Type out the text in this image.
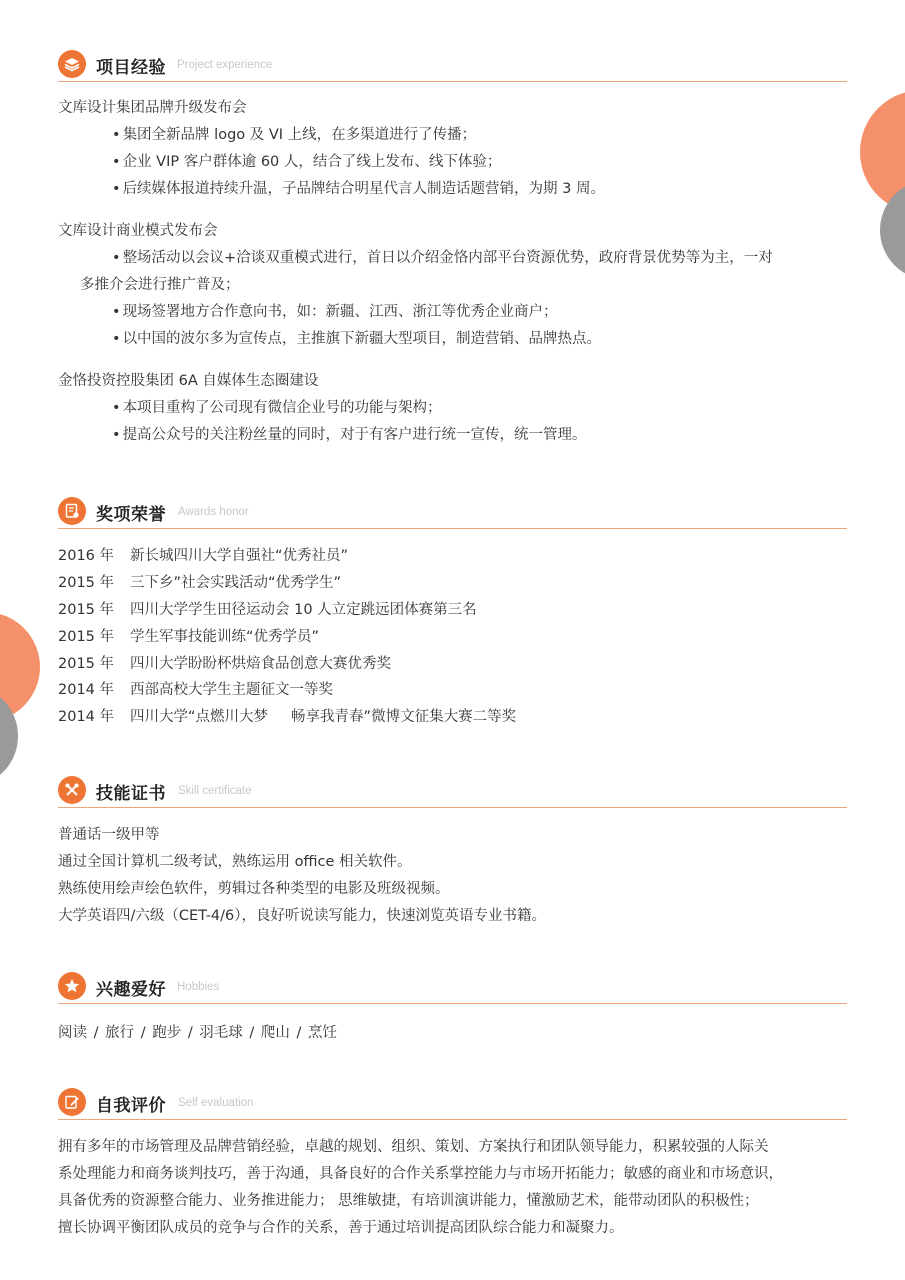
项目经验 Project experience
文库设计集团品牌升级发布会
• 集团全新品牌 logo 及 VI 上线，在多渠道进行了传播；
• 企业 VIP 客户群体逾 60 人，结合了线上发布、线下体验；
• 后续媒体报道持续升温，子品牌结合明星代言人制造话题营销，为期 3 周。
文库设计商业模式发布会
• 整场活动以会议+洽谈双重模式进行，首日以介绍金恪内部平台资源优势，政府背景优势等为主，一对
多推介会进行推广普及；
• 现场签署地方合作意向书，如：新疆、江西、浙江等优秀企业商户；
• 以中国的波尔多为宣传点，主推旗下新疆大型项目，制造营销、品牌热点。
金恪投资控股集团 6A 自媒体生态圈建设
• 本项目重构了公司现有微信企业号的功能与架构；
• 提高公众号的关注粉丝量的同时，对于有客户进行统一宣传，统一管理。
奖项荣誉 Awards honor
2016 年 新长城四川大学自强社“优秀社员”
2015 年 三下乡”社会实践活动“优秀学生”
2015 年 四川大学学生田径运动会 10 人立定跳远团体赛第三名
2015 年 学生军事技能训练“优秀学员”
2015 年 四川大学盼盼杯烘焙食品创意大赛优秀奖
2014 年 西部高校大学生主题征文一等奖
2014 年 四川大学“点燃川大梦     畅享我青春”微博文征集大赛二等奖
技能证书 Skill certificate
普通话一级甲等
通过全国计算机二级考试，熟练运用 office 相关软件。
熟练使用绘声绘色软件，剪辑过各种类型的电影及班级视频。
大学英语四/六级（CET-4/6），良好听说读写能力，快速浏览英语专业书籍。
兴趣爱好 Hobbies
阅读 / 旅行 / 跑步 / 羽毛球 / 爬山 / 烹饪
自我评价 Self evaluation
拥有多年的市场管理及品牌营销经验，卓越的规划、组织、策划、方案执行和团队领导能力，积累较强的人际关
系处理能力和商务谈判技巧，善于沟通，具备良好的合作关系掌控能力与市场开拓能力；敏感的商业和市场意识，
具备优秀的资源整合能力、业务推进能力； 思维敏捷，有培训演讲能力，懂激励艺术，能带动团队的积极性；
擅长协调平衡团队成员的竞争与合作的关系，善于通过培训提高团队综合能力和凝聚力。
